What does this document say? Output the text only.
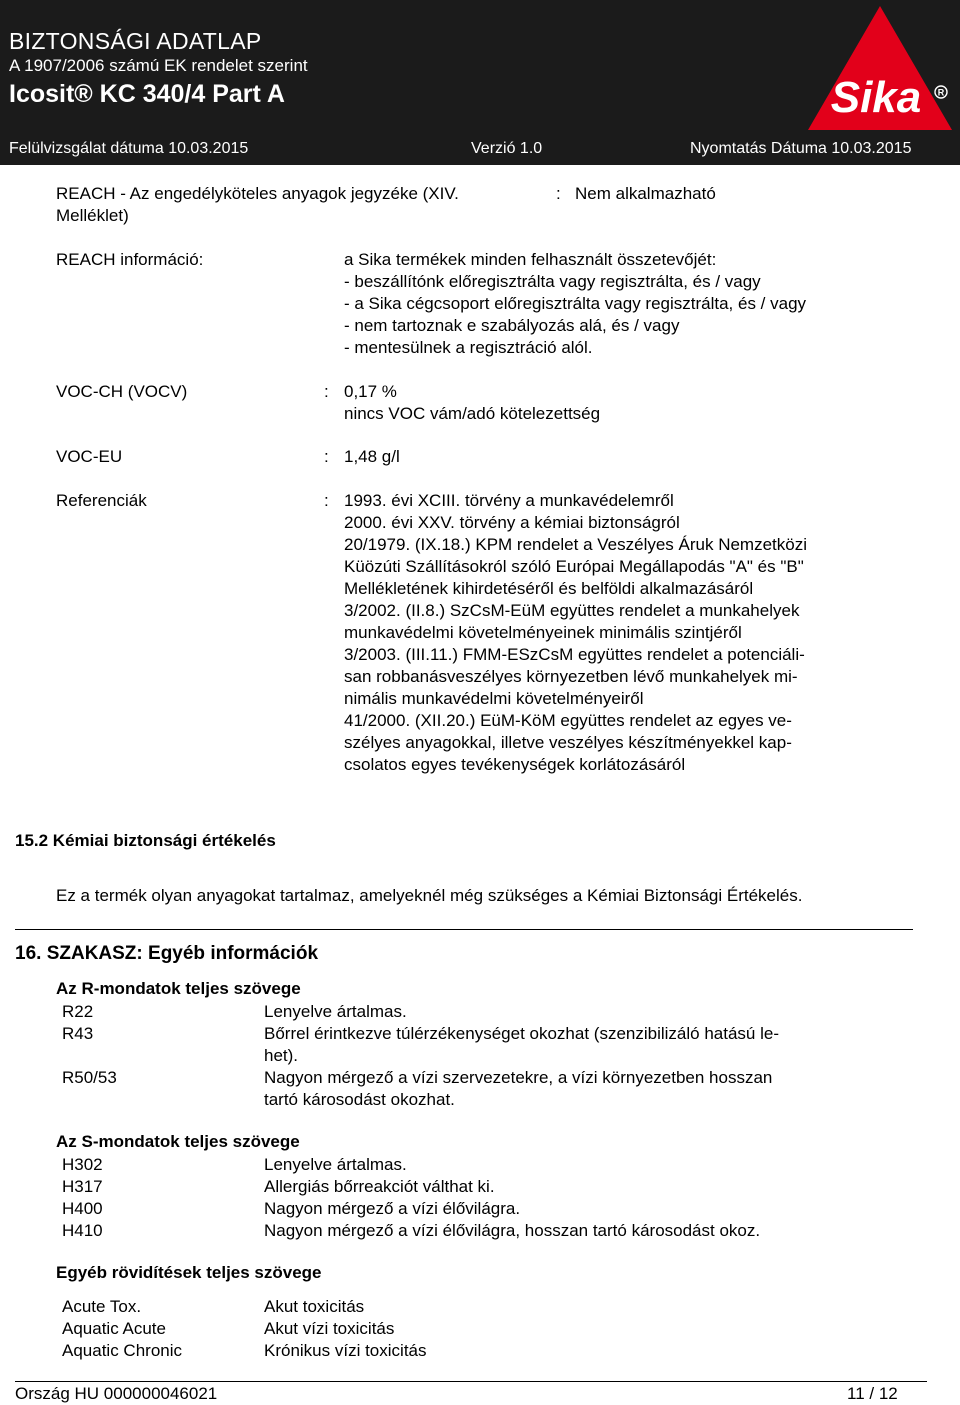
BIZTONSÁGI ADATLAP
A 1907/2006 számú EK rendelet szerint
Icosit® KC 340/4 Part A
Felülvizsgálat dátuma 10.03.2015	Verzió 1.0	Nyomtatás Dátuma 10.03.2015
Sika R
REACH - Az engedélyköteles anyagok jegyzéke (XIV.
Melléklet)
: Nem alkalmazható
REACH információ:	a Sika termékek minden felhasznált összetevőjét:
- beszállítónk előregisztrálta vagy regisztrálta, és / vagy
- a Sika cégcsoport előregisztrálta vagy regisztrálta, és / vagy
- nem tartoznak e szabályozás alá, és / vagy
- mentesülnek a regisztráció alól.
VOC-CH (VOCV)	: 0,17 %
nincs VOC vám/adó kötelezettség
VOC-EU	: 1,48 g/l
Referenciák	: 1993. évi XCIII. törvény a munkavédelemről
2000. évi XXV. törvény a kémiai biztonságról
20/1979. (IX.18.) KPM rendelet a Veszélyes Áruk Nemzetközi
Küözúti Szállításokról szóló Európai Megállapodás "A" és "B"
Mellékletének kihirdetéséről és belföldi alkalmazásáról
3/2002. (II.8.) SzCsM-EüM együttes rendelet a munkahelyek
munkavédelmi követelményeinek minimális szintjéről
3/2003. (III.11.) FMM-ESzCsM együttes rendelet a potenciáli-
san robbanásveszélyes környezetben lévő munkahelyek mi-
nimális munkavédelmi követelményeiről
41/2000. (XII.20.) EüM-KöM együttes rendelet az egyes ve-
szélyes anyagokkal, illetve veszélyes készítményekkel kap-
csolatos egyes tevékenységek korlátozásáról
15.2 Kémiai biztonsági értékelés
Ez a termék olyan anyagokat tartalmaz, amelyeknél még szükséges a Kémiai Biztonsági Értékelés.
16. SZAKASZ: Egyéb információk
Az R-mondatok teljes szövege
R22	Lenyelve ártalmas.
R43	Bőrrel érintkezve túlérzékenységet okozhat (szenzibilizáló hatású le-
het).
R50/53	Nagyon mérgező a vízi szervezetekre, a vízi környezetben hosszan
tartó károsodást okozhat.
Az S-mondatok teljes szövege
H302	Lenyelve ártalmas.
H317	Allergiás bőrreakciót válthat ki.
H400	Nagyon mérgező a vízi élővilágra.
H410	Nagyon mérgező a vízi élővilágra, hosszan tartó károsodást okoz.
Egyéb rövidítések teljes szövege
Acute Tox.	Akut toxicitás
Aquatic Acute	Akut vízi toxicitás
Aquatic Chronic	Krónikus vízi toxicitás
Ország HU 000000046021	11 / 12
